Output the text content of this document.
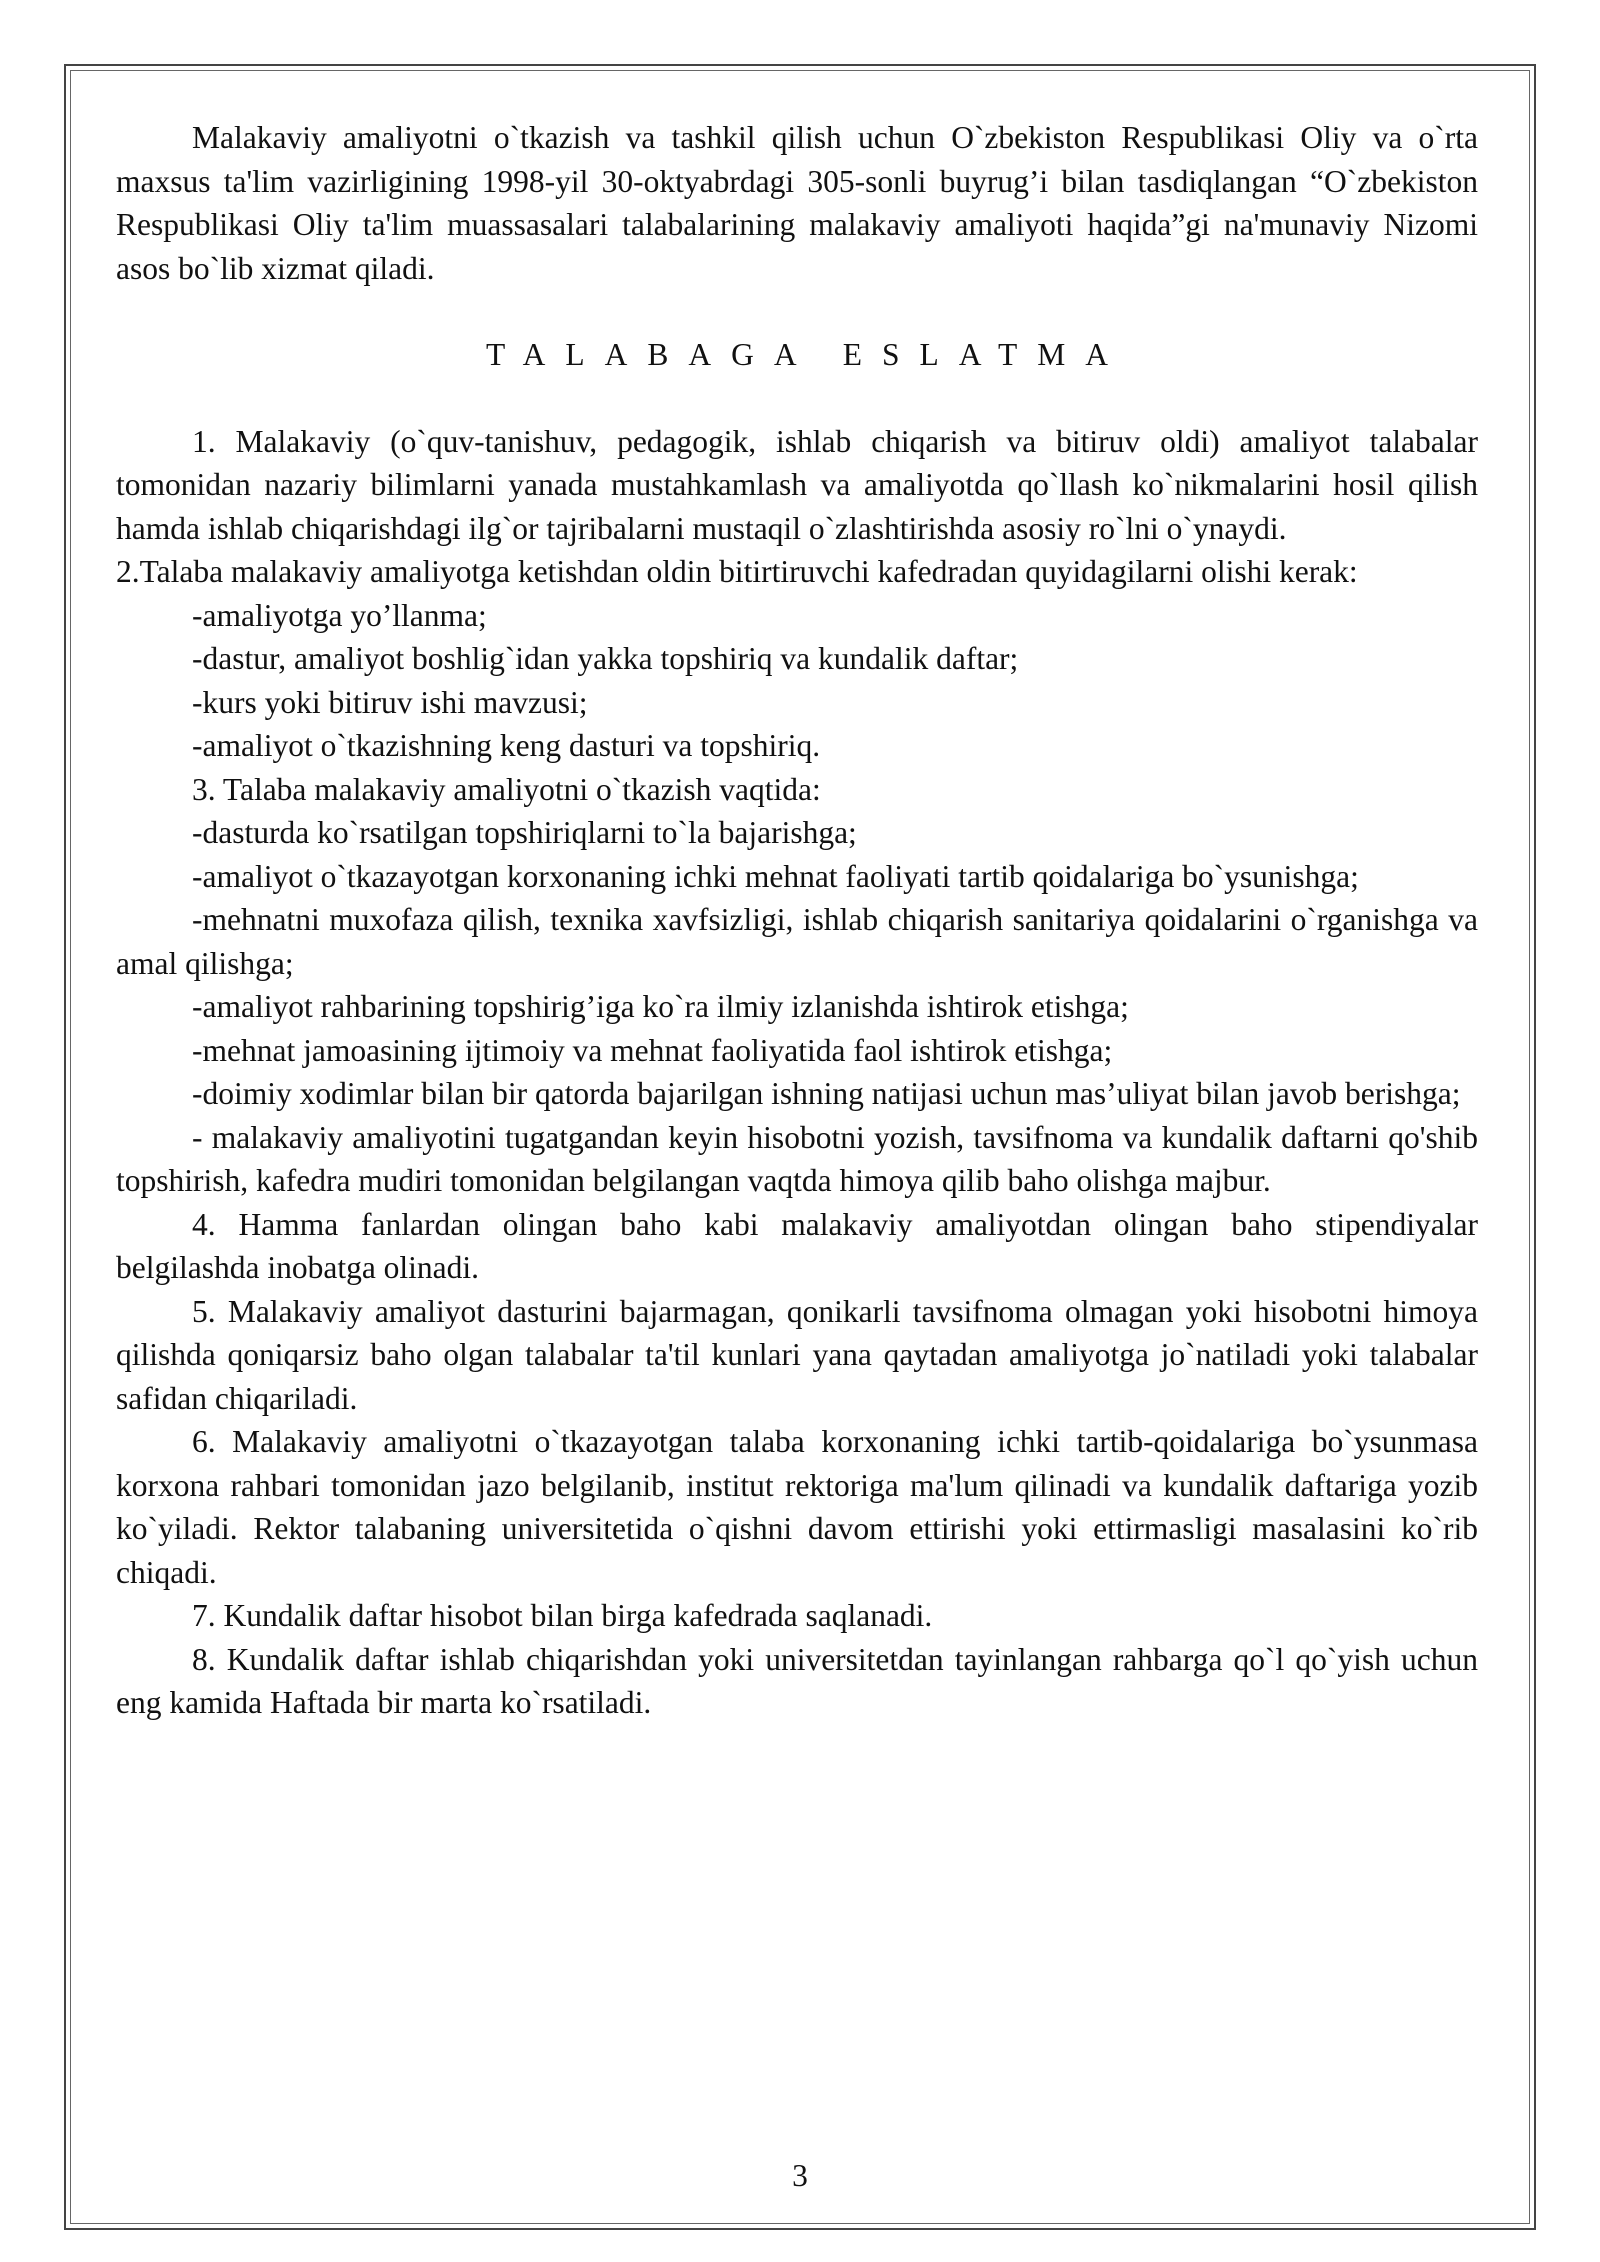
Malakaviy amaliyotni o`tkazish va tashkil qilish uchun O`zbekiston Respublikasi Oliy va o`rta maxsus ta'lim vazirligining 1998-yil 30-oktyabrdagi 305-sonli buyrug’i bilan tasdiqlangan “O`zbekiston Respublikasi Oliy ta'lim muassasalari talabalarining malakaviy amaliyoti haqida”gi na'munaviy Nizomi asos bo`lib xizmat qiladi.

TALABAGA ESLATMA

1. Malakaviy (o`quv-tanishuv, pedagogik, ishlab chiqarish va bitiruv oldi) amaliyot talabalar tomonidan nazariy bilimlarni yanada mustahkamlash va amaliyotda qo`llash ko`nikmalarini hosil qilish hamda ishlab chiqarishdagi ilg`or tajribalarni mustaqil o`zlashtirishda asosiy ro`lni o`ynaydi.

2.Talaba malakaviy amaliyotga ketishdan oldin bitirtiruvchi kafedradan quyidagilarni olishi kerak:

-amaliyotga yo’llanma;

-dastur, amaliyot boshlig`idan yakka topshiriq va kundalik daftar;

-kurs yoki bitiruv ishi mavzusi;

-amaliyot o`tkazishning keng dasturi va topshiriq.

3. Talaba malakaviy amaliyotni o`tkazish vaqtida:

-dasturda ko`rsatilgan topshiriqlarni to`la bajarishga;

-amaliyot o`tkazayotgan korxonaning ichki mehnat faoliyati tartib qoidalariga bo`ysunishga;

-mehnatni muxofaza qilish, texnika xavfsizligi, ishlab chiqarish sanitariya qoidalarini o`rganishga va amal qilishga;

-amaliyot rahbarining topshirig’iga ko`ra ilmiy izlanishda ishtirok etishga;

-mehnat jamoasining ijtimoiy va mehnat faoliyatida faol ishtirok etishga;

-doimiy xodimlar bilan bir qatorda bajarilgan ishning natijasi uchun mas’uliyat bilan javob berishga;

- malakaviy amaliyotini tugatgandan keyin hisobotni yozish, tavsifnoma va kundalik daftarni qo'shib topshirish, kafedra mudiri tomonidan belgilangan vaqtda himoya qilib baho olishga majbur.

4. Hamma fanlardan olingan baho kabi malakaviy amaliyotdan olingan baho stipendiyalar belgilashda inobatga olinadi.

5. Malakaviy amaliyot dasturini bajarmagan, qonikarli tavsifnoma olmagan yoki hisobotni himoya qilishda qoniqarsiz baho olgan talabalar ta'til kunlari yana qaytadan amaliyotga jo`natiladi yoki talabalar safidan chiqariladi.

6. Malakaviy amaliyotni o`tkazayotgan talaba korxonaning ichki tartib-qoidalariga bo`ysunmasa korxona rahbari tomonidan jazo belgilanib, institut rektoriga ma'lum qilinadi va kundalik daftariga yozib ko`yiladi. Rektor talabaning universitetida o`qishni davom ettirishi yoki ettirmasligi masalasini ko`rib chiqadi.

7. Kundalik daftar hisobot bilan birga kafedrada saqlanadi.

8. Kundalik daftar ishlab chiqarishdan yoki universitetdan tayinlangan rahbarga qo`l qo`yish uchun eng kamida Haftada bir marta ko`rsatiladi.

3
